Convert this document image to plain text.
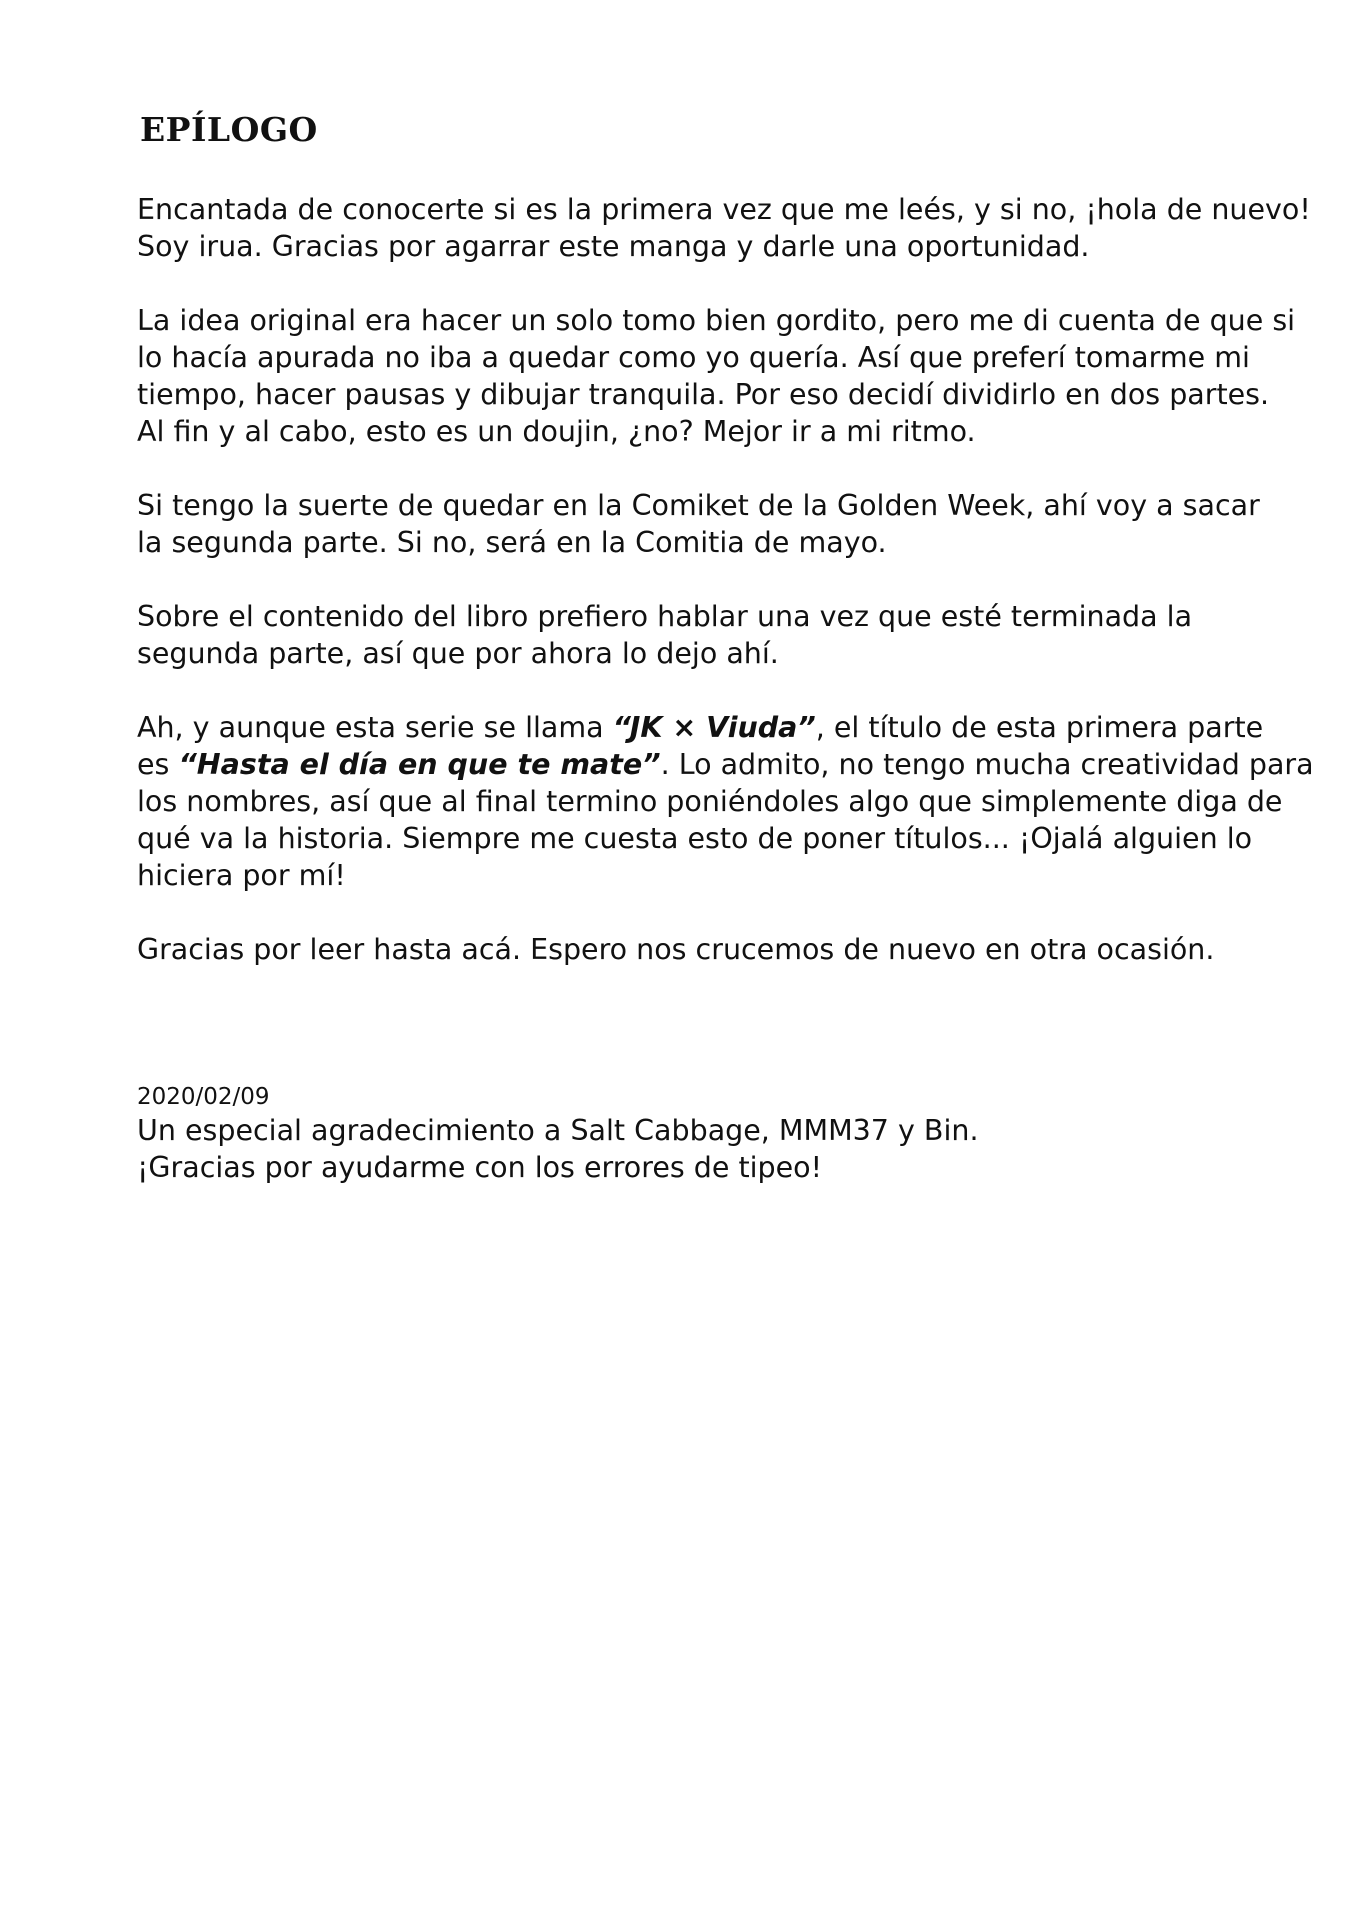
EPÍLOGO

Encantada de conocerte si es la primera vez que me leés, y si no, ¡hola de nuevo!
Soy irua. Gracias por agarrar este manga y darle una oportunidad.

La idea original era hacer un solo tomo bien gordito, pero me di cuenta de que si
lo hacía apurada no iba a quedar como yo quería. Así que preferí tomarme mi
tiempo, hacer pausas y dibujar tranquila. Por eso decidí dividirlo en dos partes.
Al fin y al cabo, esto es un doujin, ¿no? Mejor ir a mi ritmo.

Si tengo la suerte de quedar en la Comiket de la Golden Week, ahí voy a sacar
la segunda parte. Si no, será en la Comitia de mayo.

Sobre el contenido del libro prefiero hablar una vez que esté terminada la
segunda parte, así que por ahora lo dejo ahí.

Ah, y aunque esta serie se llama “JK × Viuda”, el título de esta primera parte
es “Hasta el día en que te mate”. Lo admito, no tengo mucha creatividad para
los nombres, así que al final termino poniéndoles algo que simplemente diga de
qué va la historia. Siempre me cuesta esto de poner títulos... ¡Ojalá alguien lo
hiciera por mí!

Gracias por leer hasta acá. Espero nos crucemos de nuevo en otra ocasión.

2020/02/09
Un especial agradecimiento a Salt Cabbage, MMM37 y Bin.
¡Gracias por ayudarme con los errores de tipeo!
